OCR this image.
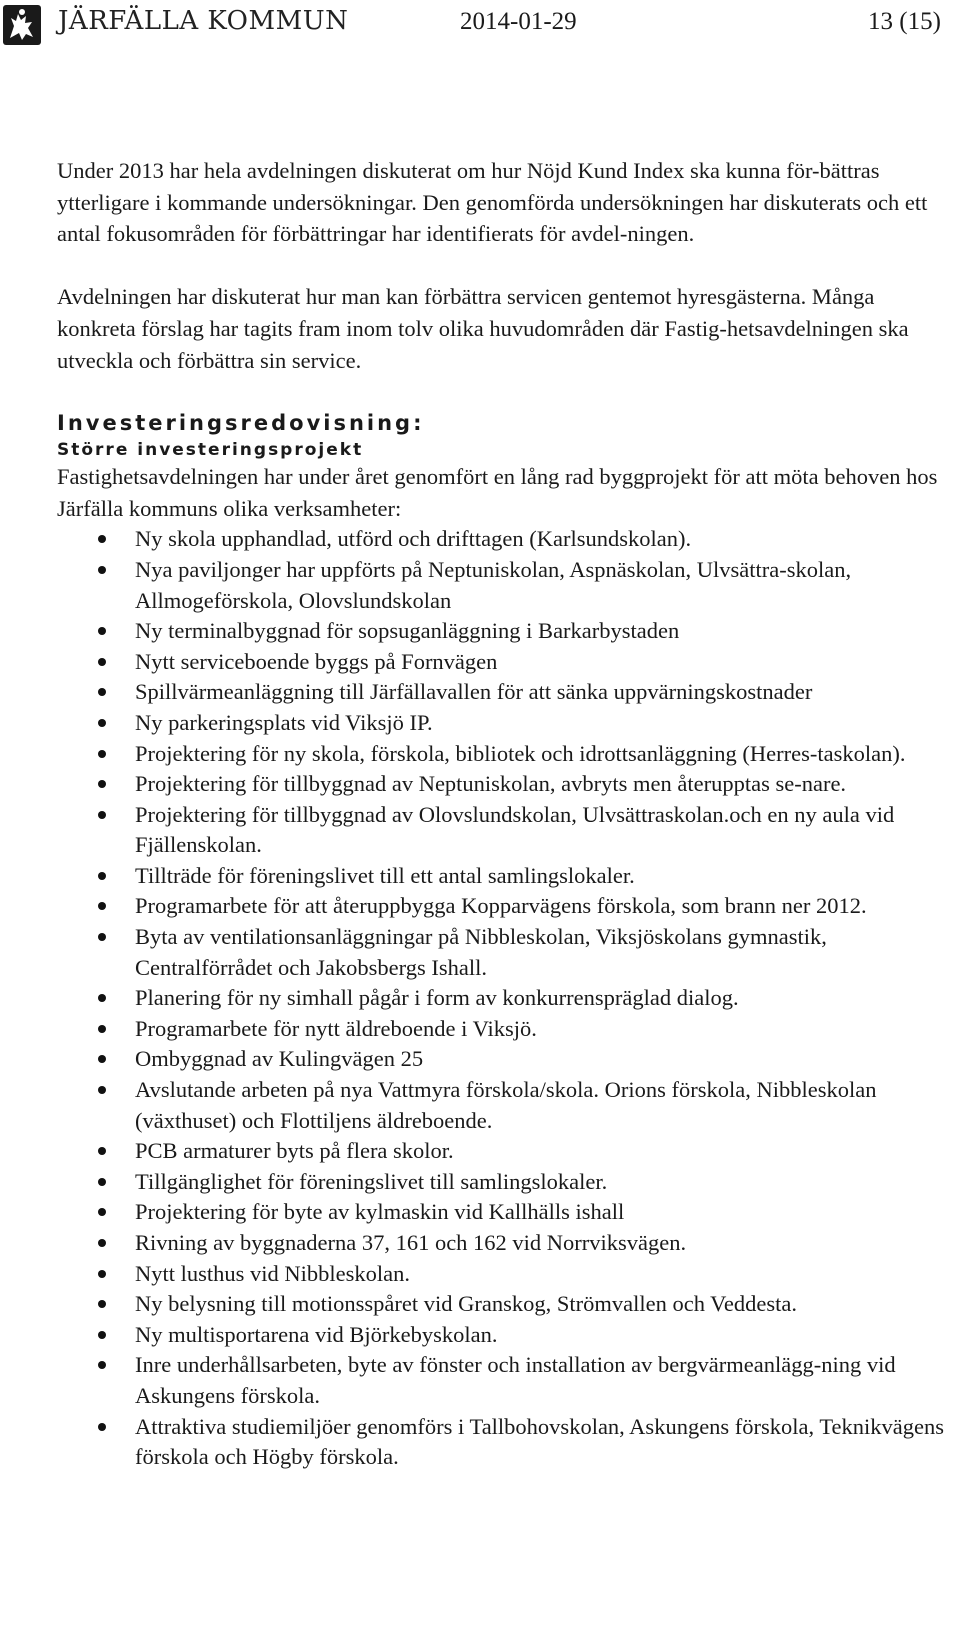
JÄRFÄLLA KOMMUN	2014-01-29	13 (15)

Under 2013 har hela avdelningen diskuterat om hur Nöjd Kund Index ska kunna för-​bättras ytterligare i kommande undersökningar. Den genomförda undersökningen har diskuterats och ett antal fokusområden för förbättringar har identifierats för avdel-​ningen.

Avdelningen har diskuterat hur man kan förbättra servicen gentemot hyresgästerna. Många konkreta förslag har tagits fram inom tolv olika huvudområden där Fastig-​hetsavdelningen ska utveckla och förbättra sin service.

Investeringsredovisning:
Större investeringsprojekt

Fastighetsavdelningen har under året genomfört en lång rad byggprojekt för att möta behoven hos Järfälla kommuns olika verksamheter:

Ny skola upphandlad, utförd och drifttagen (Karlsundskolan).
Nya paviljonger har uppförts på Neptuniskolan, Aspnäskolan, Ulvsättra-​skolan, Allmogeförskola, Olovslundskolan
Ny terminalbyggnad för sopsuganläggning i Barkarbystaden
Nytt serviceboende byggs på Fornvägen
Spillvärmeanläggning till Järfällavallen för att sänka uppvärningskostnader
Ny parkeringsplats vid Viksjö IP.
Projektering för ny skola, förskola, bibliotek och idrottsanläggning (Herres-​taskolan).
Projektering för tillbyggnad av Neptuniskolan, avbryts men återupptas se-​nare.
Projektering för tillbyggnad av Olovslundskolan, Ulvsättraskolan.och en ny aula vid Fjällenskolan.
Tillträde för föreningslivet till ett antal samlingslokaler.
Programarbete för att återuppbygga Kopparvägens förskola, som brann ner 2012.
Byta av ventilationsanläggningar på Nibbleskolan, Viksjöskolans gymnastik, Centralförrådet och Jakobsbergs Ishall.
Planering för ny simhall pågår i form av konkurrenspräglad dialog.
Programarbete för nytt äldreboende i Viksjö.
Ombyggnad av Kulingvägen 25
Avslutande arbeten på nya Vattmyra förskola/skola. Orions förskola, Nibbleskolan (växthuset) och Flottiljens äldreboende.
PCB armaturer byts på flera skolor.
Tillgänglighet för föreningslivet till samlingslokaler.
Projektering för byte av kylmaskin vid Kallhälls ishall
Rivning av byggnaderna 37, 161 och 162 vid Norrviksvägen.
Nytt lusthus vid Nibbleskolan.
Ny belysning till motionsspåret vid Granskog, Strömvallen och Veddesta.
Ny multisportarena vid Björkebyskolan.
Inre underhållsarbeten, byte av fönster och installation av bergvärmeanlägg-​ning vid Askungens förskola.
Attraktiva studiemiljöer genomförs i Tallbohovskolan, Askungens förskola, Teknikvägens förskola och Högby förskola.
